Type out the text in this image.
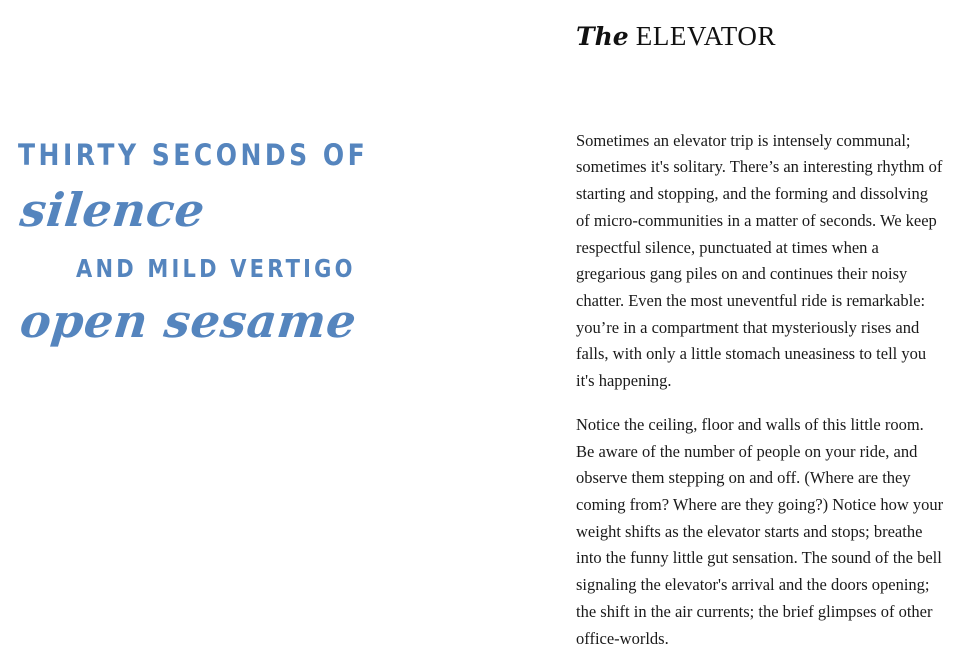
THIRTY SECONDS OF
silence
AND MILD VERTIGO
open sesame
The ELEVATOR

Sometimes an elevator trip is intensely communal; sometimes it's solitary. There’s an interesting rhythm of starting and stopping, and the forming and dissolving of micro-communities in a matter of seconds. We keep respectful silence, punctuated at times when a gregarious gang piles on and continues their noisy chatter. Even the most uneventful ride is remarkable: you’re in a compartment that mysteriously rises and falls, with only a little stomach uneasiness to tell you it's happening.

Notice the ceiling, floor and walls of this little room. Be aware of the number of people on your ride, and observe them stepping on and off. (Where are they coming from? Where are they going?) Notice how your weight shifts as the elevator starts and stops; breathe into the funny little gut sensation. The sound of the bell signaling the elevator's arrival and the doors opening; the shift in the air currents; the brief glimpses of other office-worlds.
